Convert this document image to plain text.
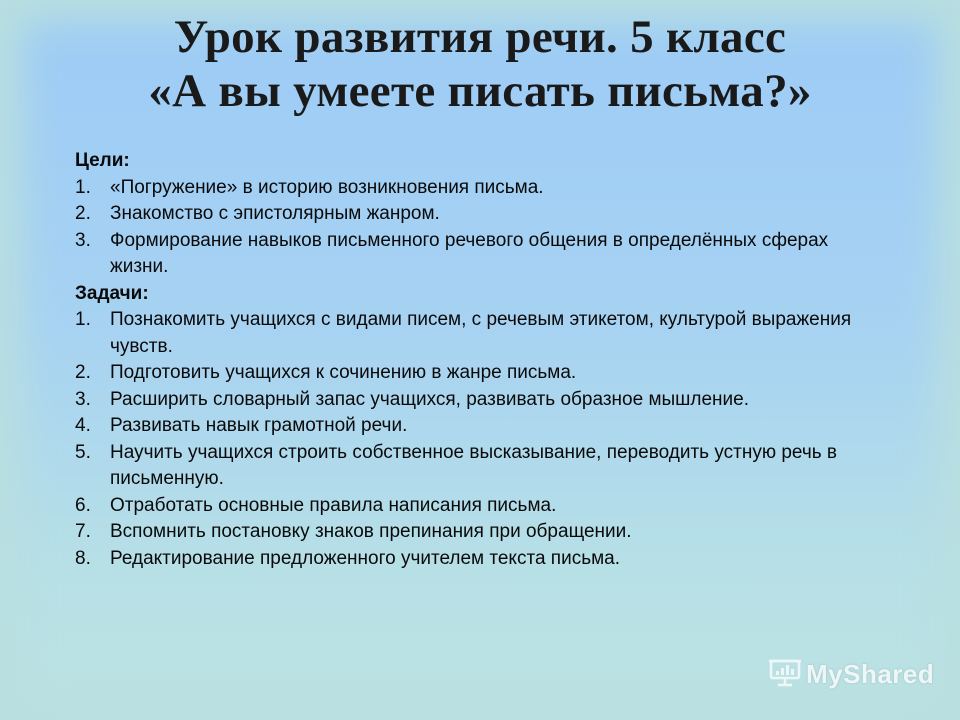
Урок развития речи. 5 класс
«А вы умеете писать письма?»
Цели:
1. «Погружение» в историю возникновения письма.
2. Знакомство с эпистолярным жанром.
3. Формирование навыков письменного речевого общения в определённых сферах жизни.
Задачи:
1. Познакомить учащихся с видами писем, с речевым этикетом, культурой выражения чувств.
2. Подготовить учащихся к сочинению в жанре письма.
3. Расширить словарный запас учащихся, развивать образное мышление.
4. Развивать навык грамотной речи.
5. Научить учащихся строить собственное высказывание, переводить устную речь в письменную.
6. Отработать основные правила написания письма.
7. Вспомнить постановку знаков препинания при обращении.
8. Редактирование предложенного учителем текста письма.
MyShared
